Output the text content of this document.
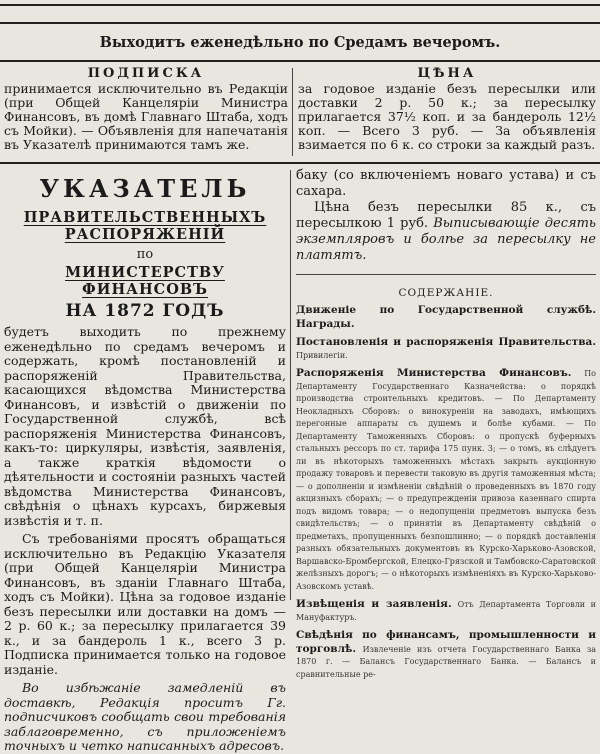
Выходитъ еженедѣльно по Средамъ вечеромъ.
ПОДПИСКА
принимается исключительно въ Редакціи (при Общей Канцеляріи Министра Финансовъ, въ домѣ Главнаго Штаба, ходъ съ Мойки). — Объявленія для напечатанія въ Указателѣ принимаются тамъ же.
ЦѢНА
за годовое изданіе безъ пересылки или доставки 2 р. 50 к.; за пересылку прилагается 37½ коп. и за бандероль 12½ коп. — Всего 3 руб. — За объявленія взимается по 6 к. со строки за каждый разъ.
УКАЗАТЕЛЬ
ПРАВИТЕЛЬСТВЕННЫХЪ РАСПОРЯЖЕНІЙ
по
МИНИСТЕРСТВУ ФИНАНСОВЪ
НА 1872 ГОДЪ

будетъ выходить по прежнему еженедѣльно по средамъ вечеромъ и содержать, кромѣ постановленій и распоряженій Правительства, касающихся вѣдомства Министерства Финансовъ, и извѣстій о движеніи по Государственной службѣ, всѣ распоряженія Министерства Финансовъ, какъ-то: циркуляры, извѣстія, заявленія, а также краткія вѣдомости о дѣятельности и состояніи разныхъ частей вѣдомства Министерства Финансовъ, свѣдѣнія о цѣнахъ курсахъ, биржевыя извѣстія и т. п.

Съ требованіями просятъ обращаться исключительно въ Редакцію Указателя (при Общей Канцеляріи Министра Финансовъ, въ зданіи Главнаго Штаба, ходъ съ Мойки). Цѣна за годовое изданіе безъ пересылки или доставки на домъ — 2 р. 60 к.; за пересылку прилагается 39 к., и за бандероль 1 к., всего 3 р. Подписка принимается только на годовое изданіе.

Во избѣжаніе замедленій въ доставкѣ, Редакція проситъ Гг. подписчиковъ сообщать свои требованія заблаговременно, съ приложеніемъ точныхъ и четко написанныхъ адресовъ.

баку (со включеніемъ новаго устава) и съ сахара.

Цѣна безъ пересылки 85 к., съ пересылкою 1 руб. Выписывающіе десять экземпляровъ и болѣе за пересылку не платятъ.

СОДЕРЖАНІЕ.
Движеніе по Государственной службѣ. Награды.
Постановленія и распоряженія Правительства. Привилегіи.
Распоряженія Министерства Финансовъ. По Департаменту Государственнаго Казначейства: о порядкѣ производства строительныхъ кредитовъ. — По Департаменту Неокладныхъ Сборовъ: о винокуреніи на заводахъ, имѣющихъ перегонные аппараты съ душемъ и болѣе кубами. — По Департаменту Таможенныхъ Сборовъ: о пропускѣ буферныхъ стальныхъ рессоръ по ст. тарифа 175 пунк. 3; — о томъ, въ слѣдуетъ ли въ нѣкоторыхъ таможенныхъ мѣстахъ закрыть аукціонную продажу товаровъ и перевести таковую въ другія таможенныя мѣста; — о дополненіи и измѣненіи свѣдѣній о проведенныхъ въ 1870 году акцизныхъ сборахъ; — о предупрежденіи привоза казеннаго спирта подъ видомъ товара; — о недопущеніи предметовъ выпуска безъ свидѣтельствъ; — о принятіи въ Департаменту свѣдѣній о предметахъ, пропущенныхъ безпошлинно; — о порядкѣ доставленія разныхъ обязательныхъ документовъ въ Курско-Харьково-Азовской, Варшавско-Бромбергской, Елецко-Грязской и Тамбовско-Саратовской желѣзныхъ дорогъ; — о нѣкоторыхъ измѣненіяхъ въ Курско-Харьково-Азовскомъ уставѣ.
Извѣщенія и заявленія. Отъ Департамента Торговли и Мануфактуръ.
Свѣдѣнія по финансамъ, промышленности и торговлѣ. Извлеченіе изъ отчета Государственнаго Банка за 1870 г. — Балансъ Государственнаго Банка. — Балансъ и сравнительные ре-
